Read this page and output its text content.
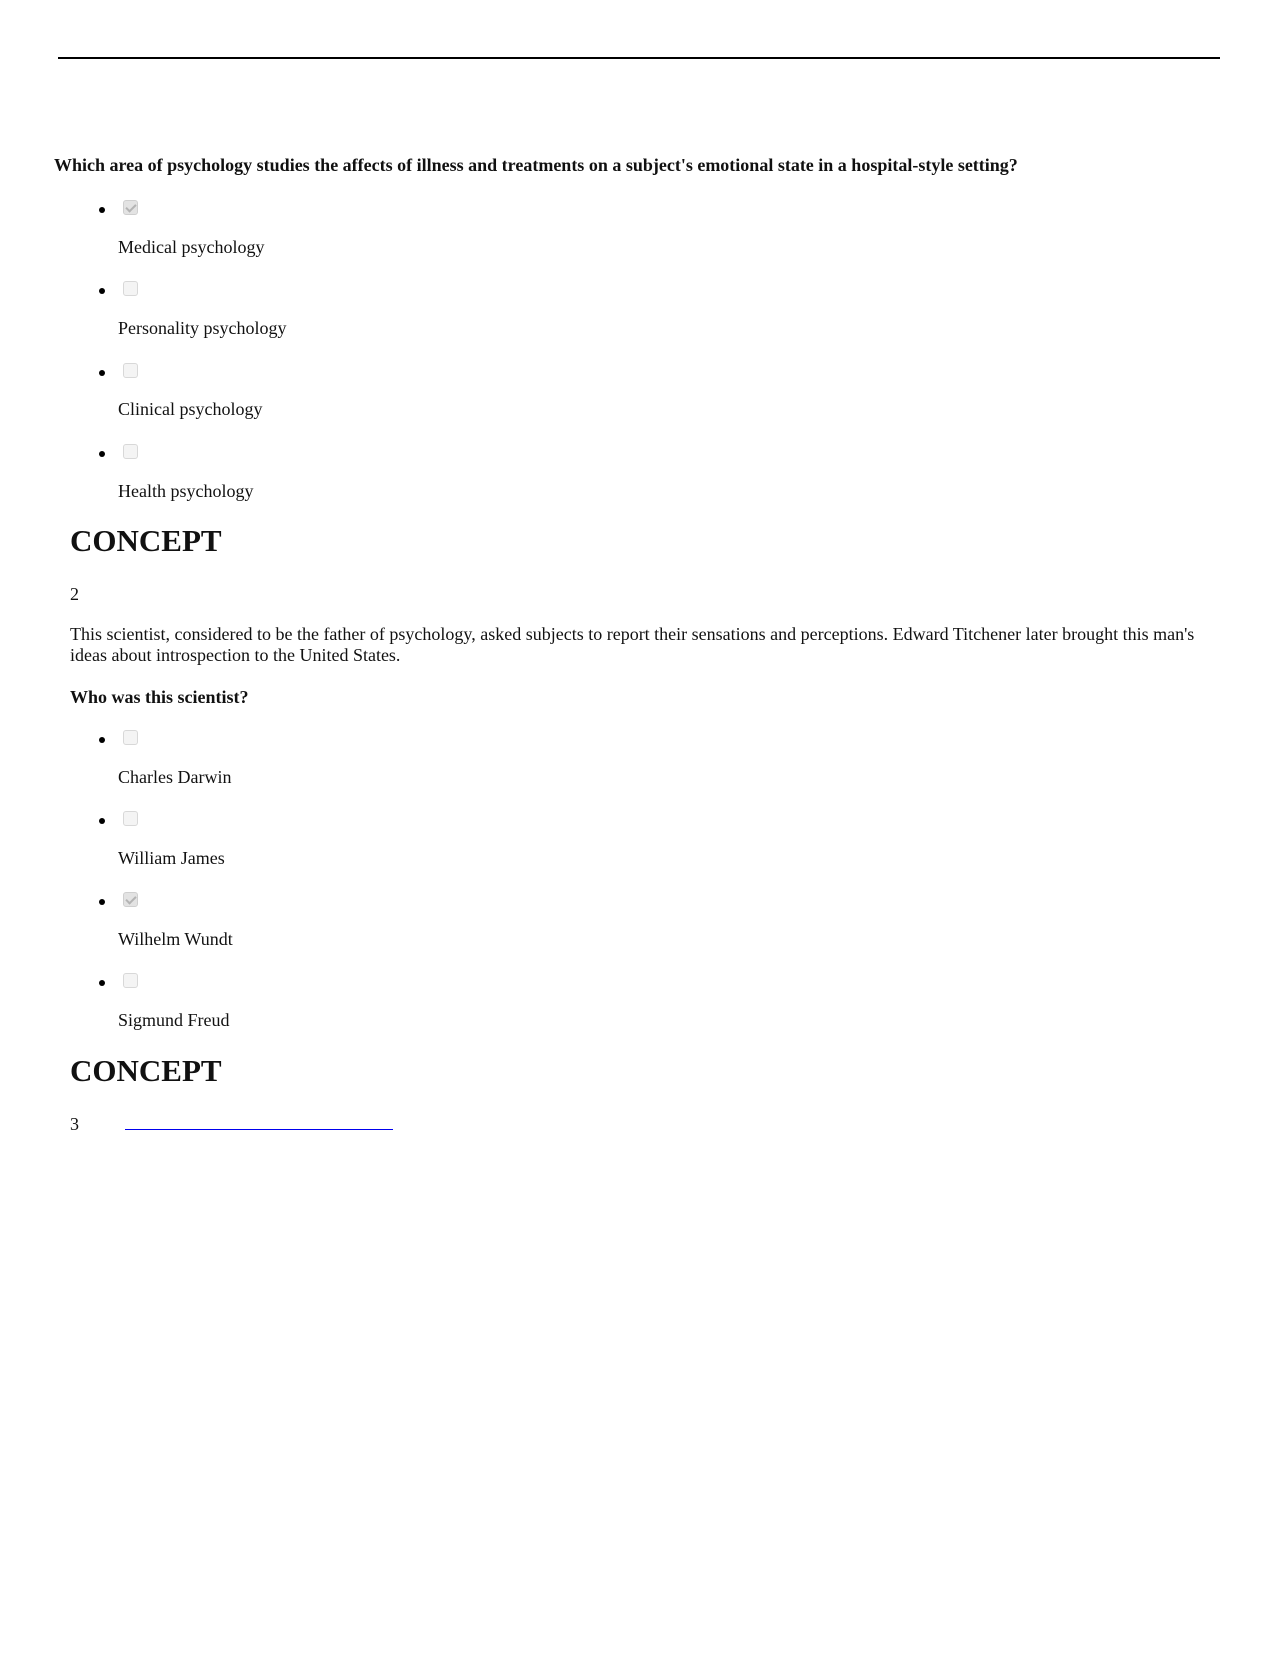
Which area of psychology studies the affects of illness and treatments on a subject's emotional state in a hospital-style setting?
Medical psychology
Personality psychology
Clinical psychology
Health psychology
CONCEPT
2
This scientist, considered to be the father of psychology, asked subjects to report their sensations and perceptions. Edward Titchener later brought this man's ideas about introspection to the United States.
Who was this scientist?
Charles Darwin
William James
Wilhelm Wundt
Sigmund Freud
CONCEPT
3
